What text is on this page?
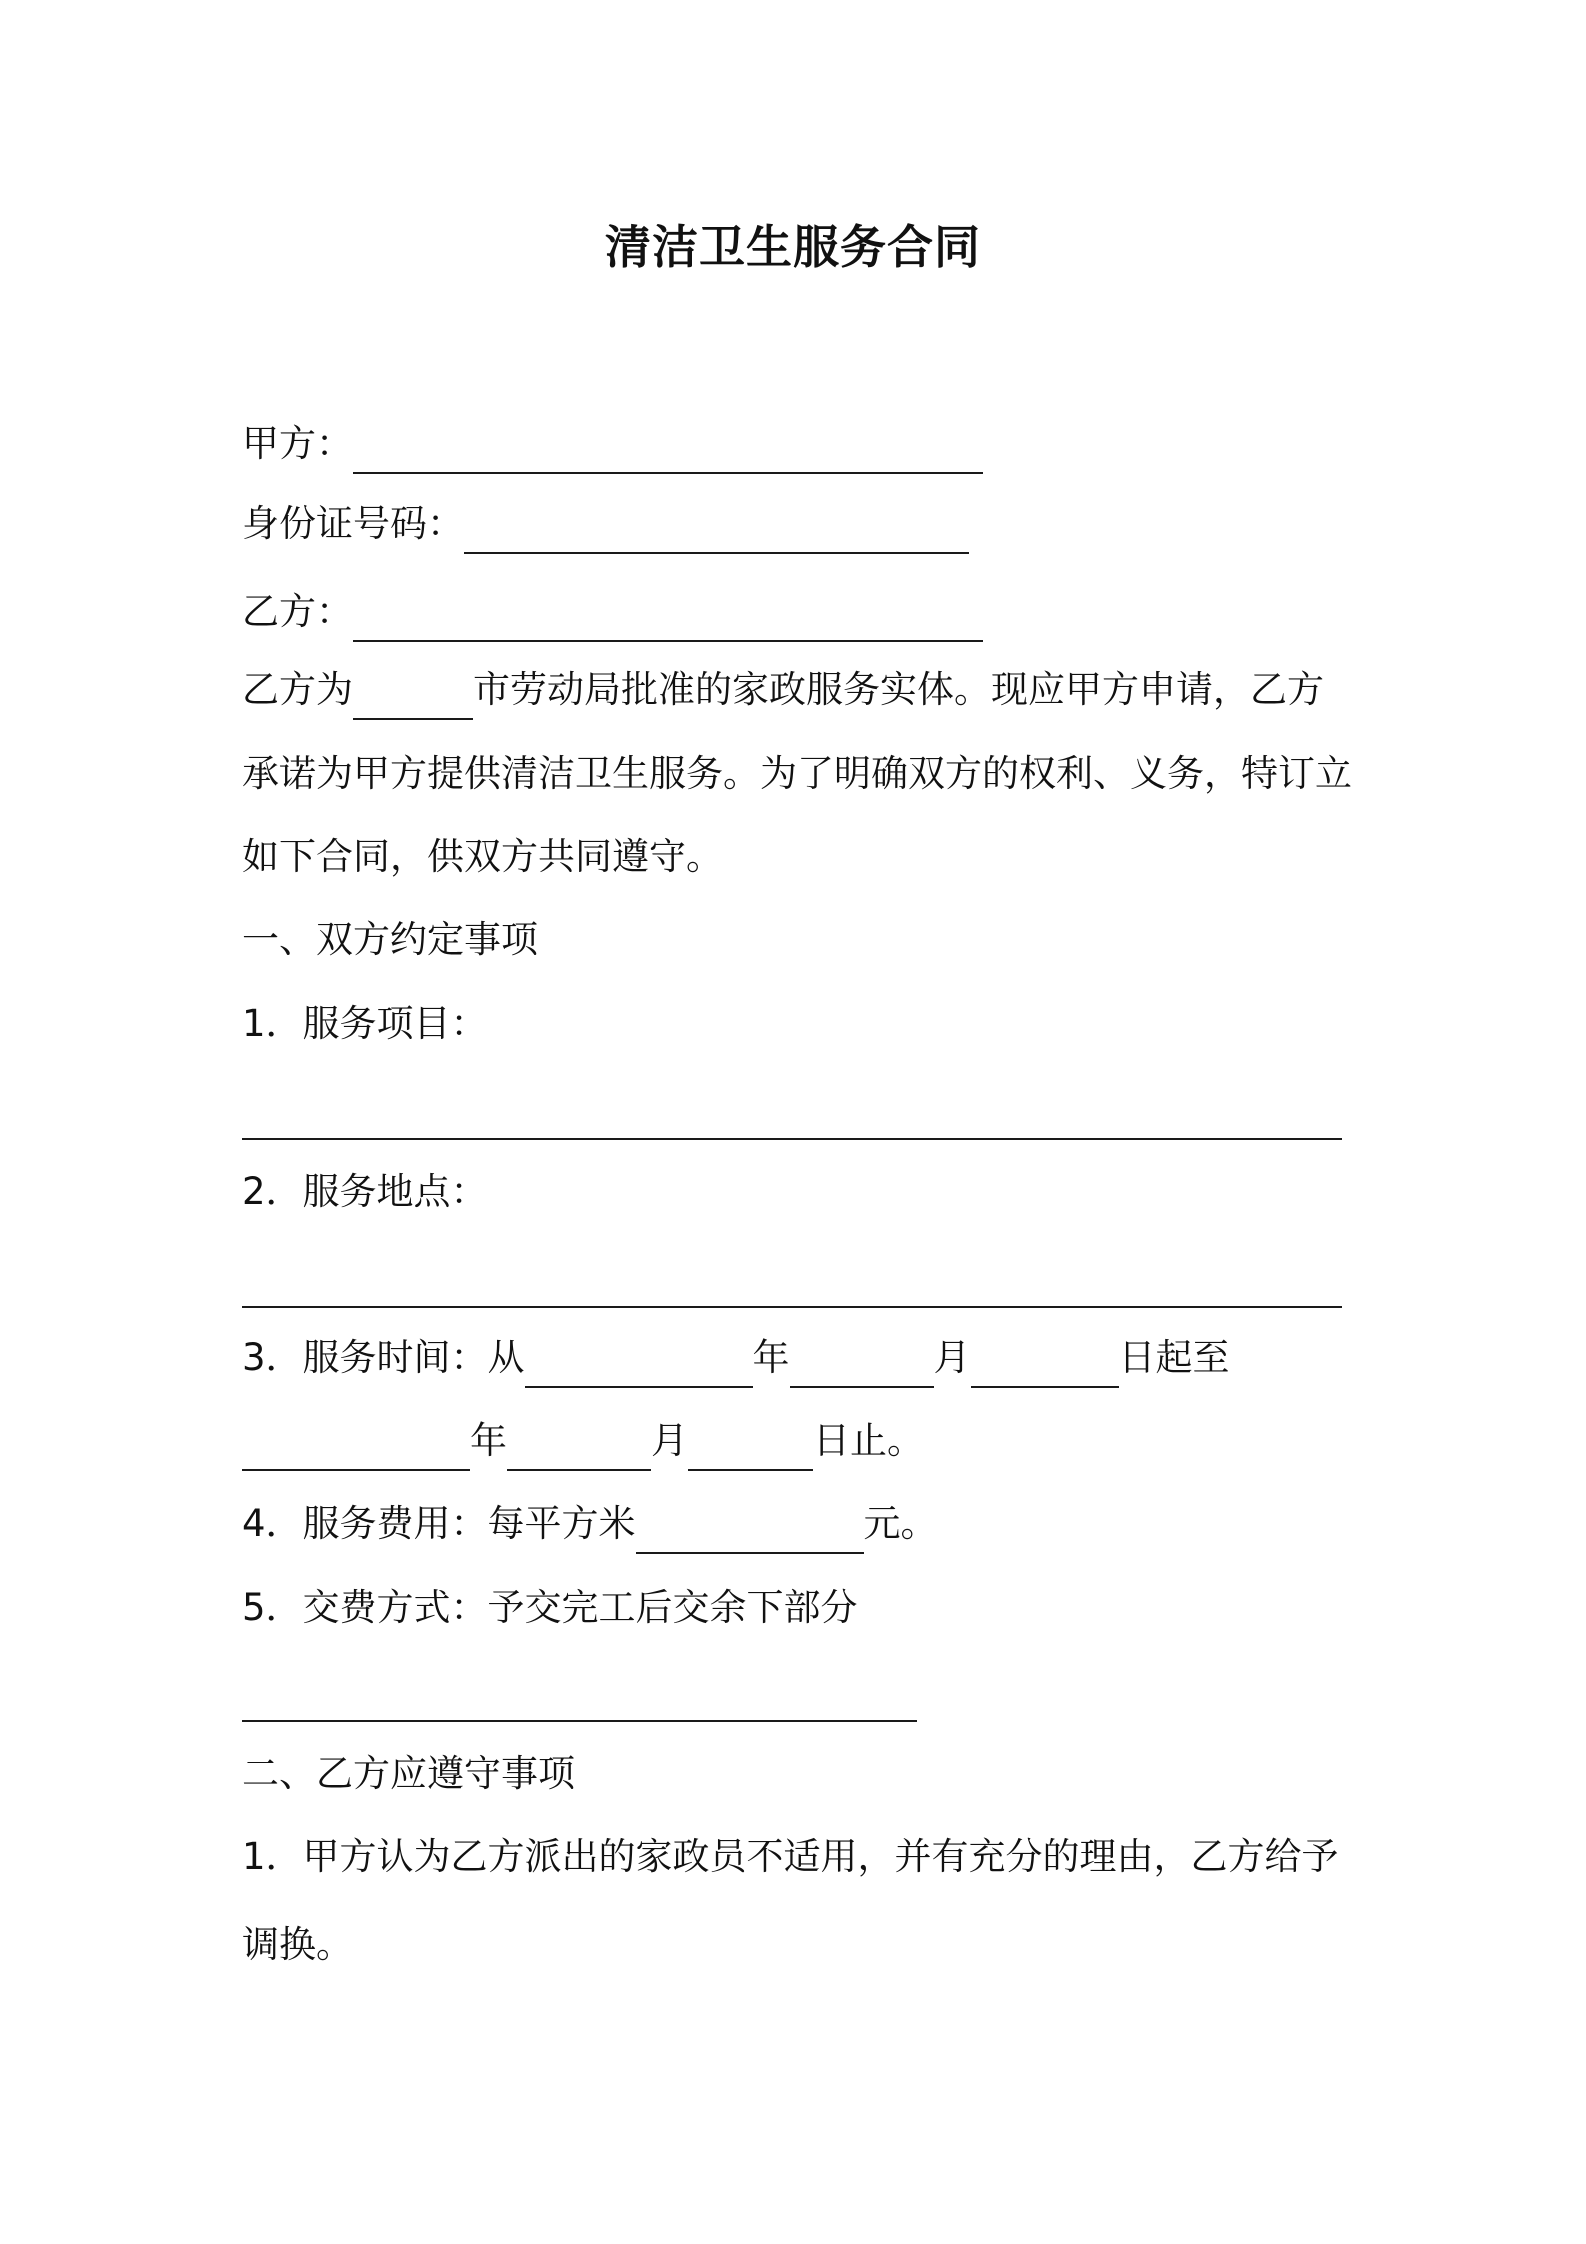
清洁卫生服务合同

甲方：

身份证号码：

乙方：

乙方为	市劳动局批准的家政服务实体。现应甲方申请，乙方

承诺为甲方提供清洁卫生服务。为了明确双方的权利、义务，特订立

如下合同，供双方共同遵守。

一、双方约定事项

1．服务项目：

2．服务地点：

3．服务时间：从	年	月	日起至

年	月	日止。

4．服务费用：每平方米	元。

5．交费方式：予交完工后交余下部分

二、乙方应遵守事项

1．甲方认为乙方派出的家政员不适用，并有充分的理由，乙方给予

调换。
